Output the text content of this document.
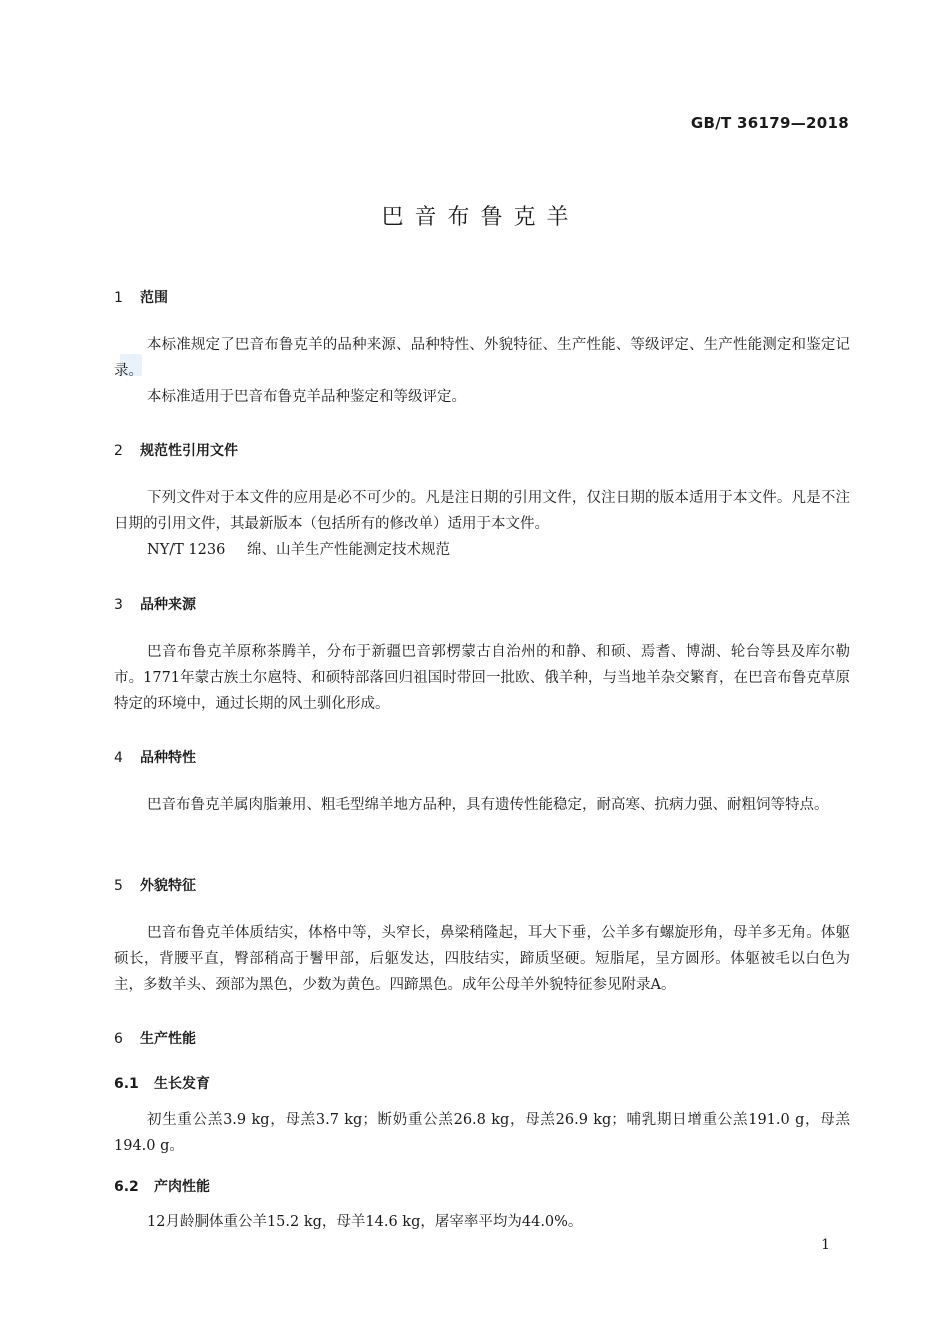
GB/T 36179—2018
巴音布鲁克羊
1 范围

本标准规定了巴音布鲁克羊的品种来源、品种特性、外貌特征、生产性能、等级评定、生产性能测定和鉴定记录。

本标准适用于巴音布鲁克羊品种鉴定和等级评定。

2 规范性引用文件

下列文件对于本文件的应用是必不可少的。凡是注日期的引用文件，仅注日期的版本适用于本文件。凡是不注日期的引用文件，其最新版本（包括所有的修改单）适用于本文件。

NY/T 1236 绵、山羊生产性能测定技术规范
3 品种来源

巴音布鲁克羊原称茶腾羊，分布于新疆巴音郭楞蒙古自治州的和静、和硕、焉耆、博湖、轮台等县及库尔勒市。1771年蒙古族土尔扈特、和硕特部落回归祖国时带回一批欧、俄羊种，与当地羊杂交繁育，在巴音布鲁克草原特定的环境中，通过长期的风土驯化形成。

4 品种特性

巴音布鲁克羊属肉脂兼用、粗毛型绵羊地方品种，具有遗传性能稳定，耐高寒、抗病力强、耐粗饲等特点。

5 外貌特征

巴音布鲁克羊体质结实，体格中等，头窄长，鼻梁稍隆起，耳大下垂，公羊多有螺旋形角，母羊多无角。体躯硕长，背腰平直，臀部稍高于鬐甲部，后躯发达，四肢结实，蹄质坚硬。短脂尾，呈方圆形。体躯被毛以白色为主，多数羊头、颈部为黑色，少数为黄色。四蹄黑色。成年公母羊外貌特征参见附录A。

6 生产性能
6.1 生长发育

初生重公羔3.9 kg，母羔3.7 kg；断奶重公羔26.8 kg，母羔26.9 kg；哺乳期日增重公羔191.0 g，母羔194.0 g。

6.2 产肉性能

12月龄胴体重公羊15.2 kg，母羊14.6 kg，屠宰率平均为44.0%。

1
